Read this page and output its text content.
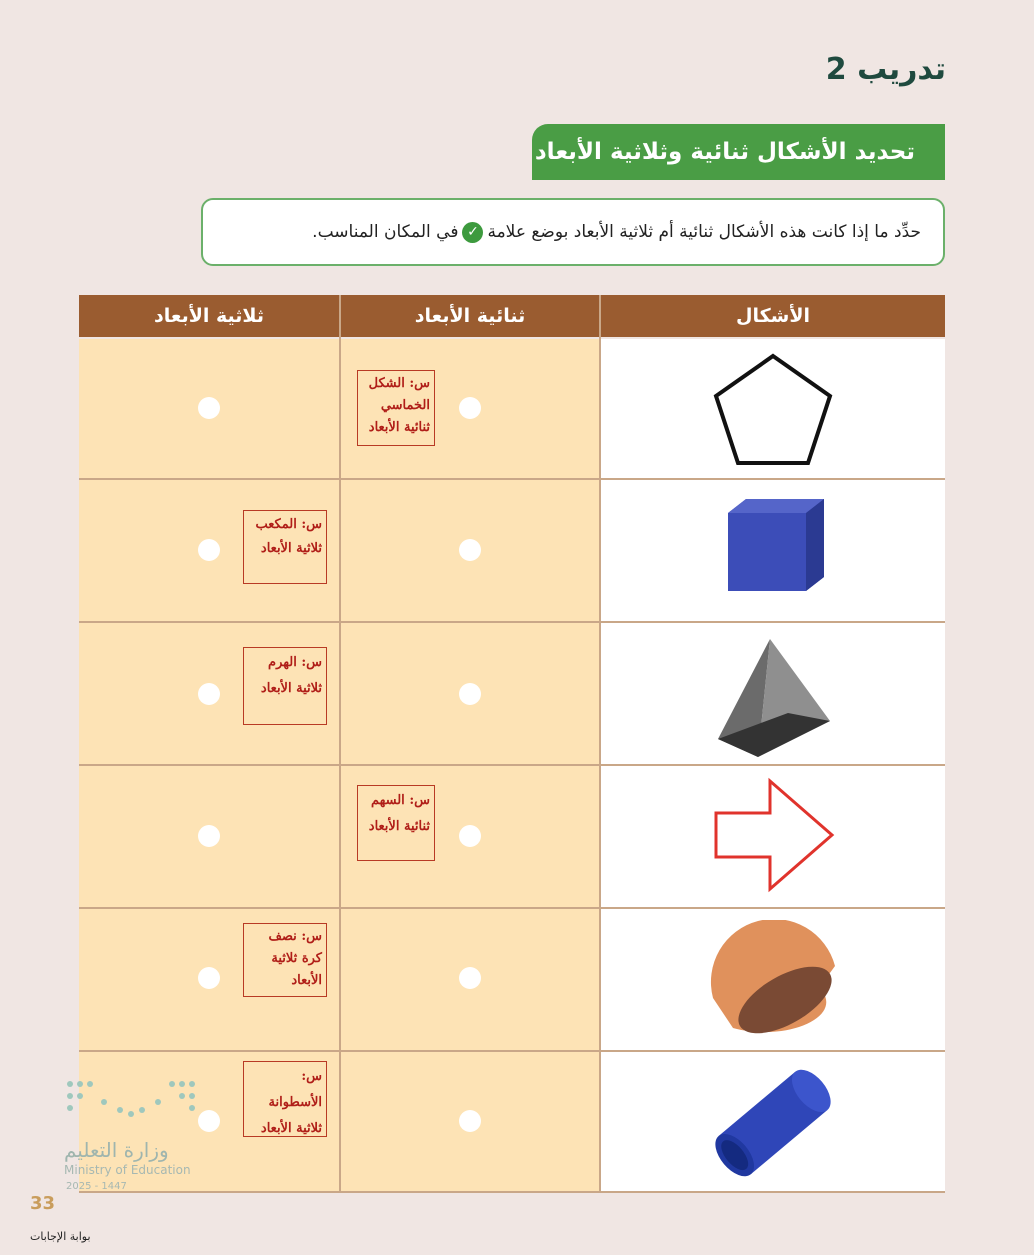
تدريب 2
تحديد الأشكال ثنائية وثلاثية الأبعاد
حدِّد ما إذا كانت هذه الأشكال ثنائية أم ثلاثية الأبعاد بوضع علامة
✓
في المكان المناسب.
الأشكال
ثنائية الأبعاد
ثلاثية الأبعاد
س: الشكل الخماسي ثنائية الأبعاد
س: المكعب ثلاثية الأبعاد
س: الهرم ثلاثية الأبعاد
س: السهم ثنائية الأبعاد
س: نصف كرة ثلاثية الأبعاد
س: الأسطوانة ثلاثية الأبعاد
وزارة التعليم
Ministry of Education
2025 - 1447
33
بوابة الإجابات
